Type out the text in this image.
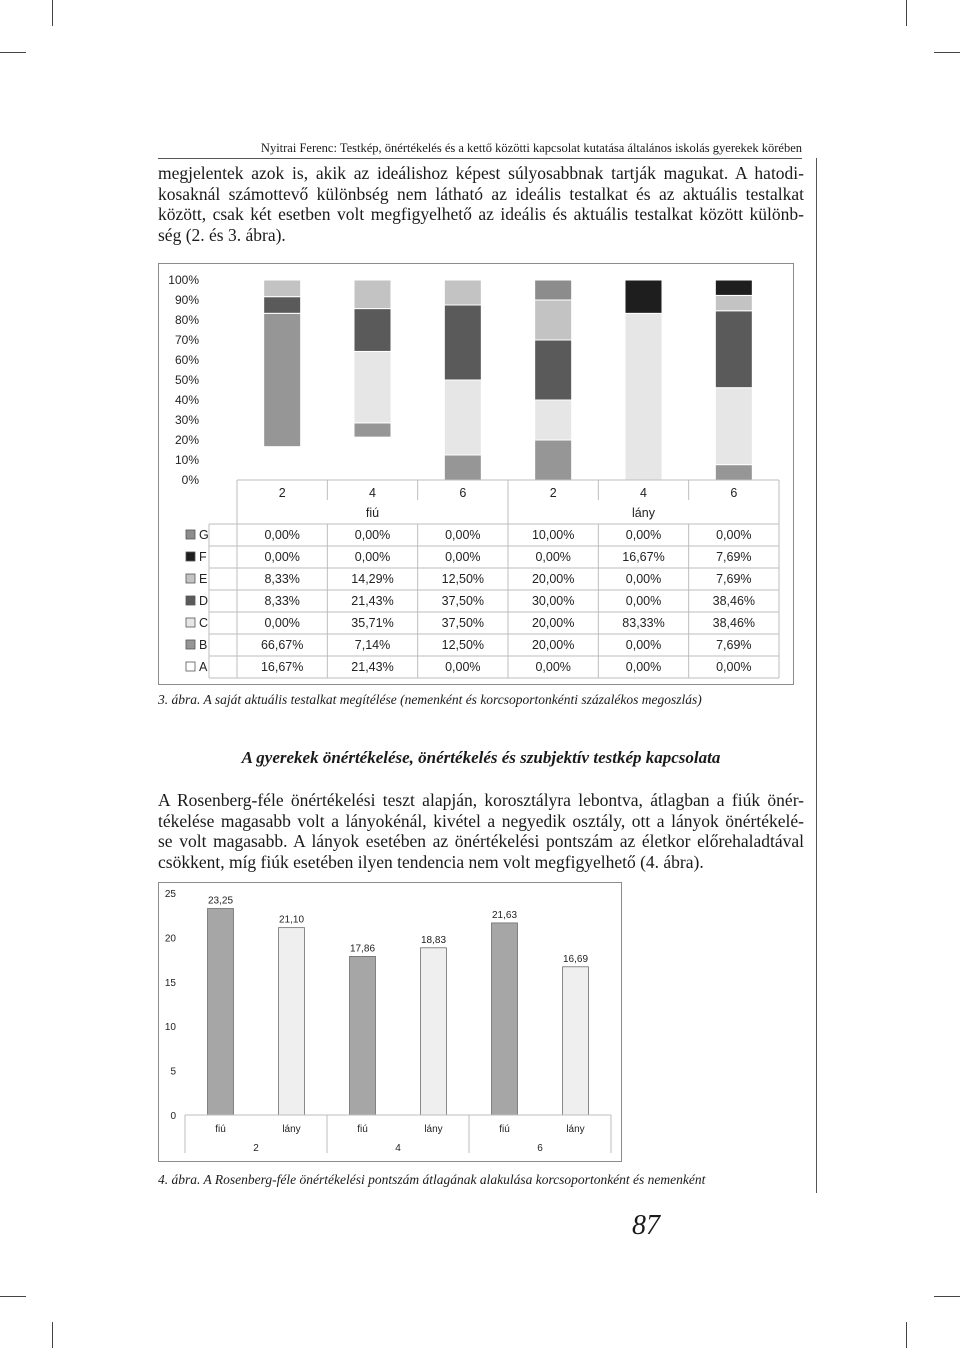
Nyitrai Ferenc: Testkép, önértékelés és a kettő közötti kapcsolat kutatása általános iskolás gyerekek körében
megjelentek azok is, akik az ideálishoz képest súlyosabbnak tartják magukat. A hatodi-
kosaknál számottevő különbség nem látható az ideális testalkat és az aktuális testalkat
között, csak két esetben volt megfigyelhető az ideális és aktuális testalkat között különb-
ség (2. és 3. ábra).
0%
10%
20%
30%
40%
50%
60%
70%
80%
90%
100%
2	4	6	2	4	6
fiú	lány
G	0,00%	0,00%	0,00%	10,00%	0,00%	0,00%
F	0,00%	0,00%	0,00%	0,00%	16,67%	7,69%
E	8,33%	14,29%	12,50%	20,00%	0,00%	7,69%
D	8,33%	21,43%	37,50%	30,00%	0,00%	38,46%
C	0,00%	35,71%	37,50%	20,00%	83,33%	38,46%
B	66,67%	7,14%	12,50%	20,00%	0,00%	7,69%
A	16,67%	21,43%	0,00%	0,00%	0,00%	0,00%
3. ábra. A saját aktuális testalkat megítélése (nemenként és korcsoportonkénti százalékos megoszlás)
A gyerekek önértékelése, önértékelés és szubjektív testkép kapcsolata
A Rosenberg-féle önértékelési teszt alapján, korosztályra lebontva, átlagban a fiúk önér-
tékelése magasabb volt a lányokénál, kivétel a negyedik osztály, ott a lányok önértékelé-
se volt magasabb. A lányok esetében az önértékelési pontszám az életkor előrehaladtával
csökkent, míg fiúk esetében ilyen tendencia nem volt megfigyelhető (4. ábra).
0
5
10
15
20
25
23,25
21,10
17,86
18,83
21,63
16,69
fiú	lány	fiú	lány	fiú	lány
2	4	6
4. ábra. A Rosenberg-féle önértékelési pontszám átlagának alakulása korcsoportonként és nemenként
87
